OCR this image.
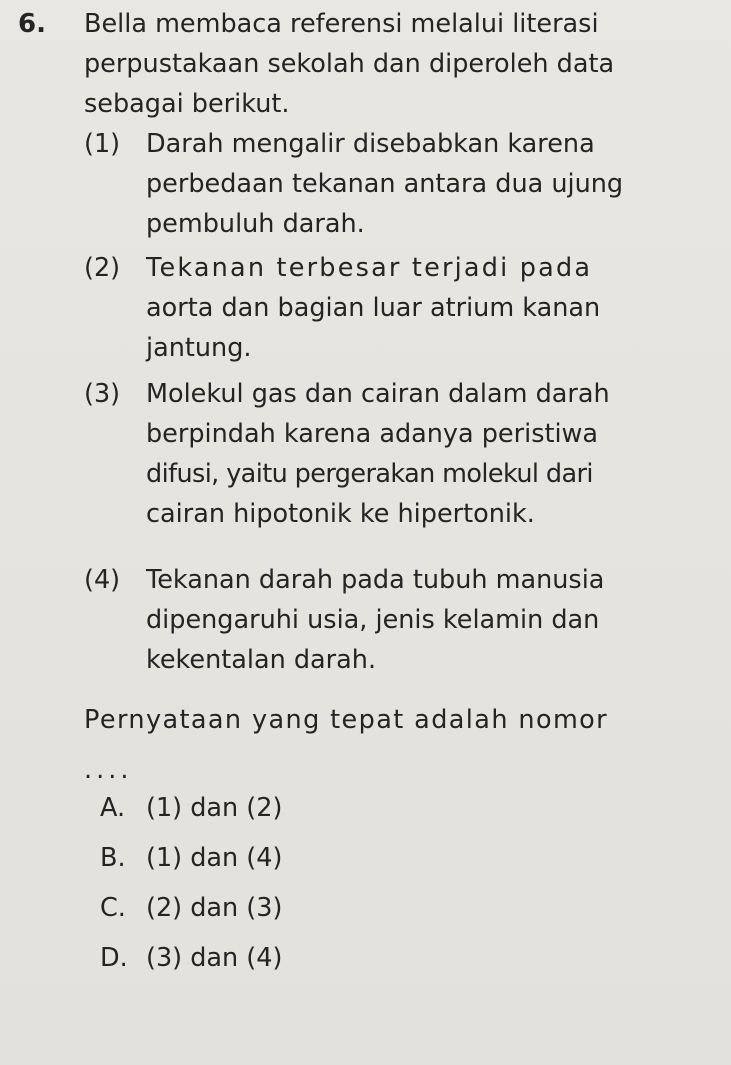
6. Bella membaca referensi melalui literasi
perpustakaan sekolah dan diperoleh data
sebagai berikut.
(1)	Darah mengalir disebabkan karena
perbedaan tekanan antara dua ujung
pembuluh darah.
(2)	Tekanan terbesar terjadi pada
aorta dan bagian luar atrium kanan
jantung.
(3)	Molekul gas dan cairan dalam darah
berpindah karena adanya peristiwa
difusi, yaitu pergerakan molekul dari
cairan hipotonik ke hipertonik.
(4)	Tekanan darah pada tubuh manusia
dipengaruhi usia, jenis kelamin dan
kekentalan darah.
Pernyataan yang tepat adalah nomor
....
A. (1) dan (2)
B. (1) dan (4)
C. (2) dan (3)
D. (3) dan (4)
